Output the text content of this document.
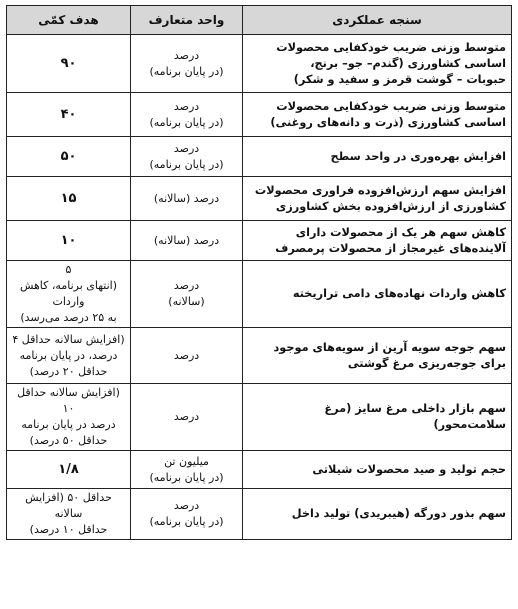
سنجه عملکردی	واحد متعارف	هدف کمّی

متوسط وزنی ضریب خودکفایی محصولات
اساسی کشاورزی (گندم– جو– برنج،
حبوبات – گوشت قرمز و سفید و شکر)	درصد
(در پایان برنامه)	۹۰

متوسط وزنی ضریب خودکفایی محصولات
اساسی کشاورزی (ذرت و دانه‌های روغنی)	درصد
(در پایان برنامه)	۴۰

افزایش بهره‌وری در واحد سطح	درصد
(در پایان برنامه)	۵۰

افزایش سهم ارزش‌افزوده فراوری محصولات
کشاورزی از ارزش‌افزوده بخش کشاورزی	درصد (سالانه)	۱۵

کاهش سهم هر یک از محصولات دارای
آلاینده‌های غیرمجاز از محصولات پرمصرف	درصد (سالانه)	۱۰

کاهش واردات نهاده‌های دامی تراریخته	درصد
(سالانه)	۵
(انتهای برنامه، کاهش واردات
به ۲۵ درصد می‌رسد)

سهم جوجه سویه آرین از سویه‌های موجود
برای جوجه‌ریزی مرغ گوشتی	درصد	(افزایش سالانه حداقل ۴
درصد، در پایان برنامه
حداقل ۲۰ درصد)

سهم بازار داخلی مرغ سایز (مرغ
سلامت‌محور)	درصد	(افزایش سالانه حداقل ۱۰
درصد در پایان برنامه
حداقل ۵۰ درصد)

حجم تولید و صید محصولات شیلاتی	میلیون تن
(در پایان برنامه)	۱/۸

سهم بذور دورگه (هیبریدی) تولید داخل	درصد
(در پایان برنامه)	حداقل ۵۰ (افزایش سالانه
حداقل ۱۰ درصد)
